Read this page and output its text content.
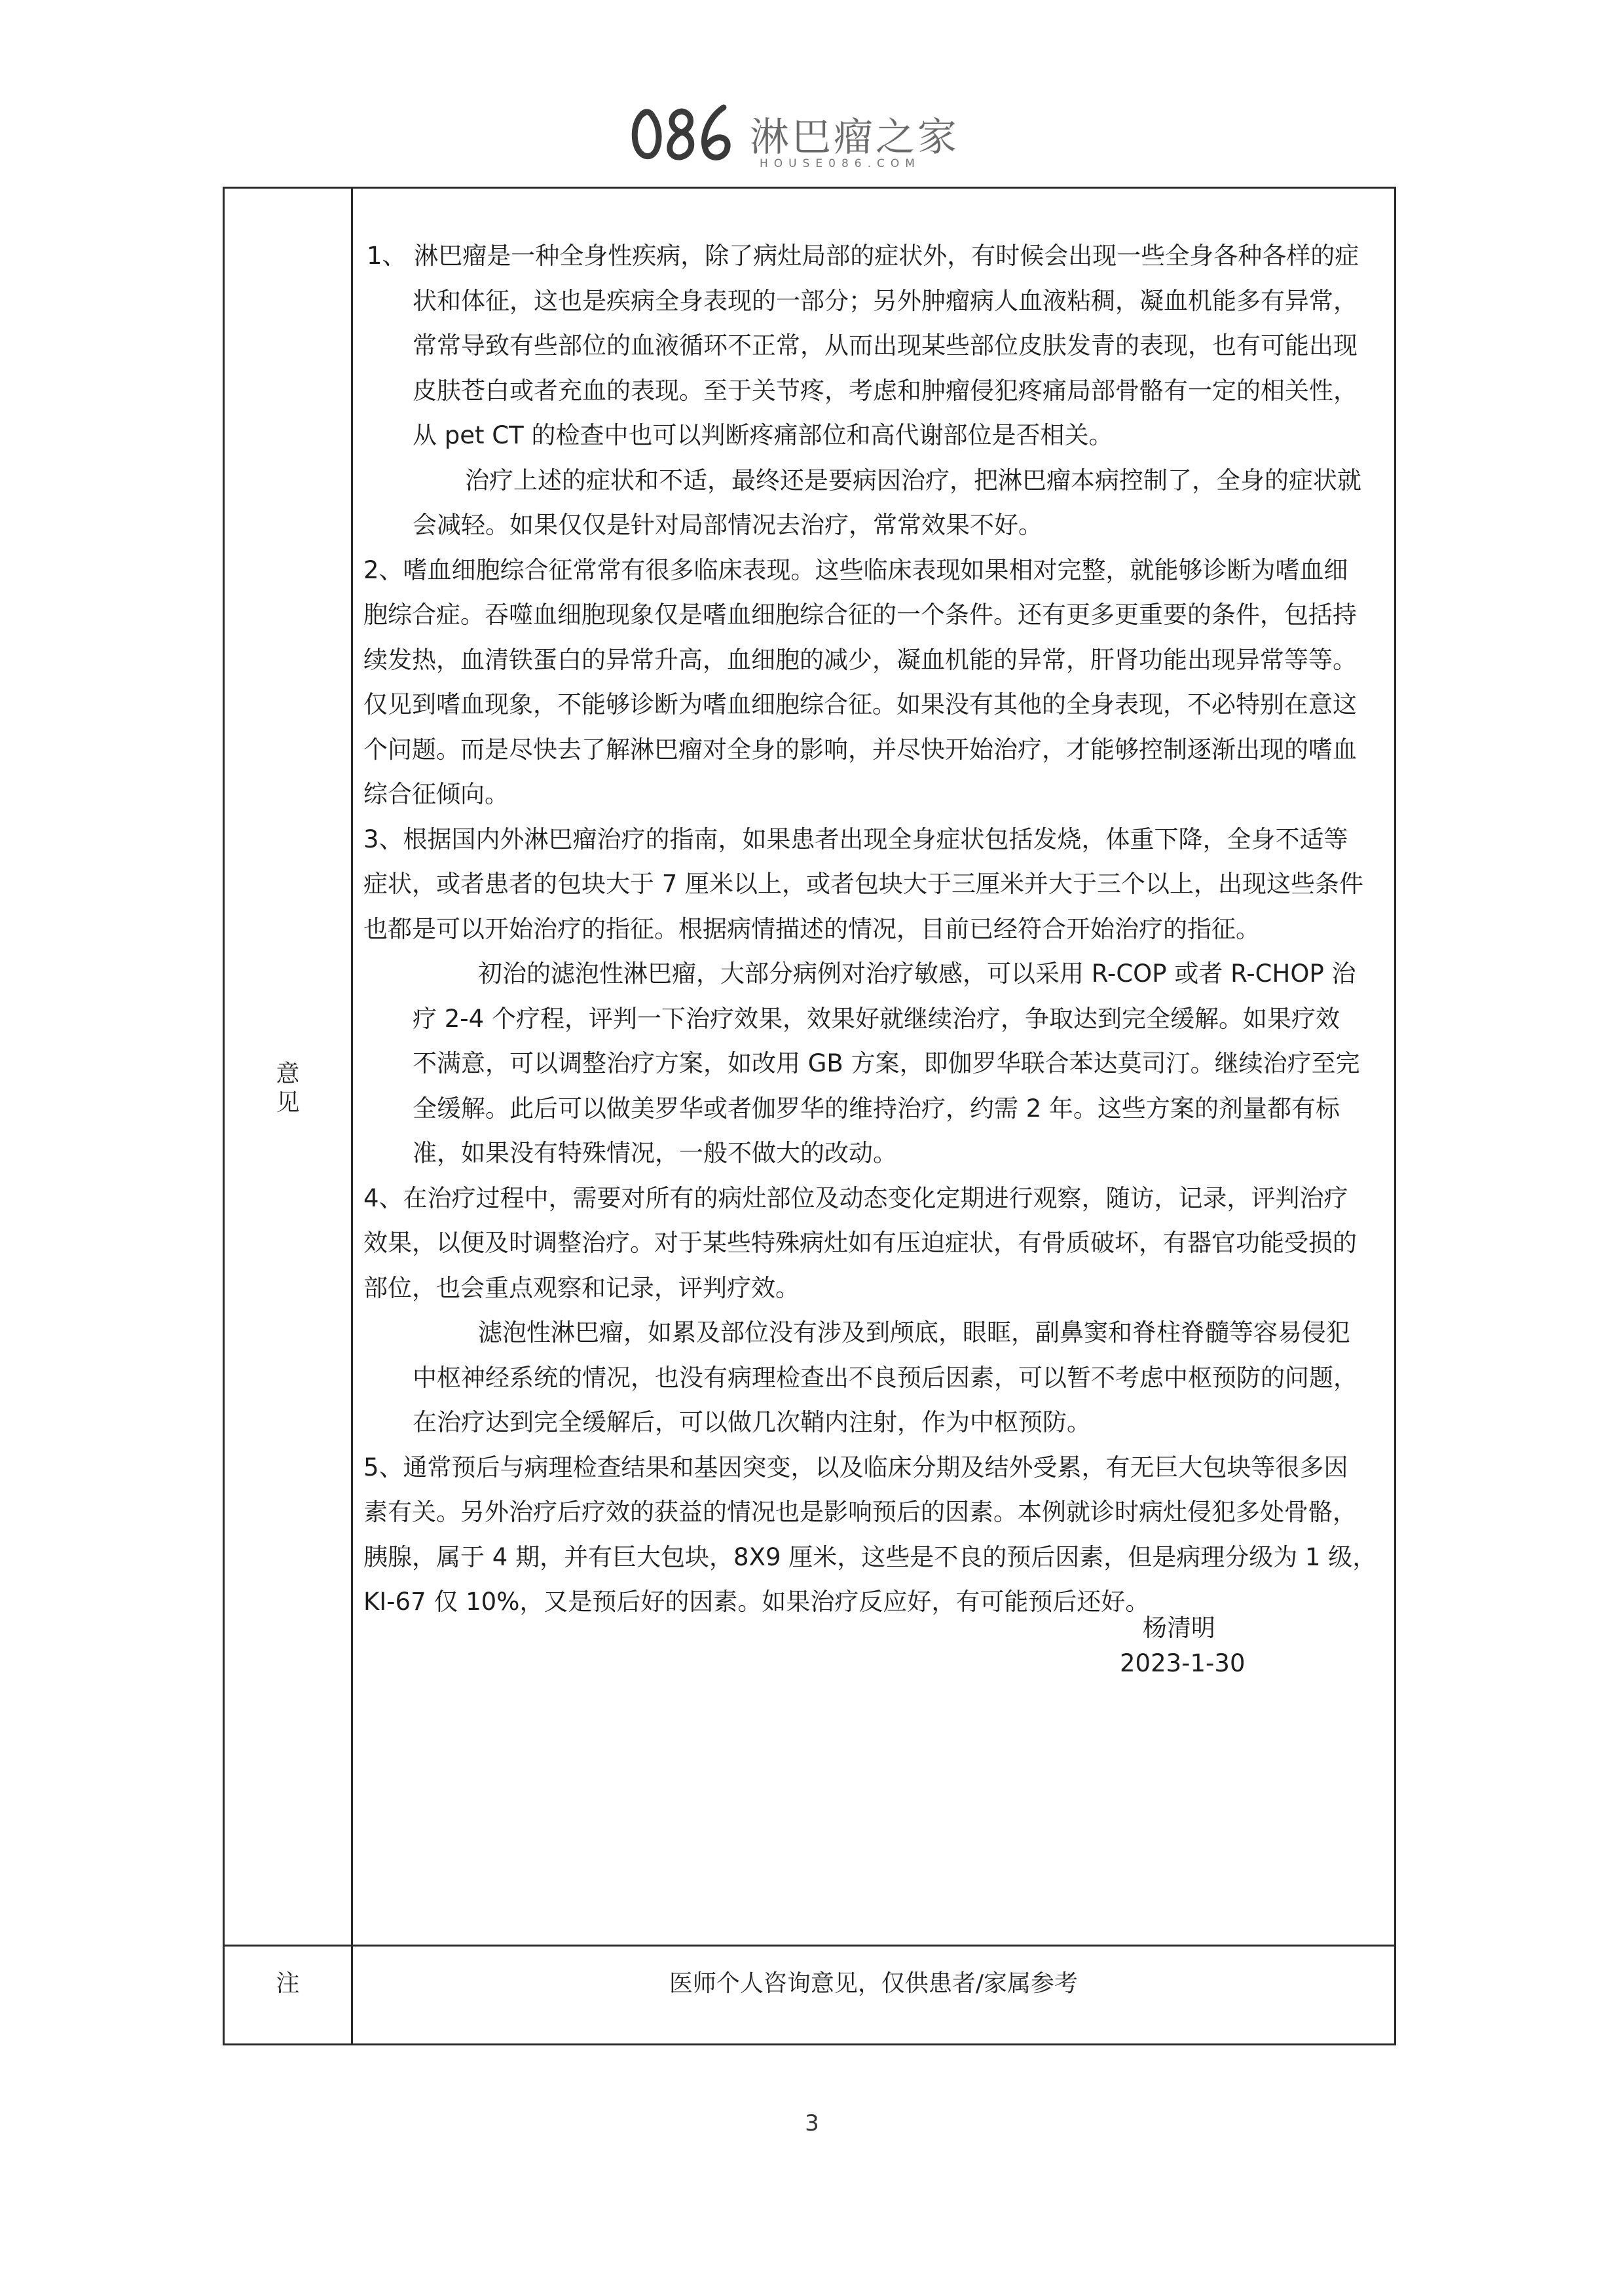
淋巴瘤之家
HOUSE086.COM
意见
注	医师个人咨询意见，仅供患者/家属参考

1、 淋巴瘤是一种全身性疾病，除了病灶局部的症状外，有时候会出现一些全身各种各样的症

状和体征，这也是疾病全身表现的一部分；另外肿瘤病人血液粘稠，凝血机能多有异常，

常常导致有些部位的血液循环不正常，从而出现某些部位皮肤发青的表现，也有可能出现

皮肤苍白或者充血的表现。至于关节疼，考虑和肿瘤侵犯疼痛局部骨骼有一定的相关性，

从 pet CT 的检查中也可以判断疼痛部位和高代谢部位是否相关。

治疗上述的症状和不适，最终还是要病因治疗，把淋巴瘤本病控制了，全身的症状就

会减轻。如果仅仅是针对局部情况去治疗，常常效果不好。

2、嗜血细胞综合征常常有很多临床表现。这些临床表现如果相对完整，就能够诊断为嗜血细

胞综合症。吞噬血细胞现象仅是嗜血细胞综合征的一个条件。还有更多更重要的条件，包括持

续发热，血清铁蛋白的异常升高，血细胞的减少，凝血机能的异常，肝肾功能出现异常等等。

仅见到嗜血现象，不能够诊断为嗜血细胞综合征。如果没有其他的全身表现，不必特别在意这

个问题。而是尽快去了解淋巴瘤对全身的影响，并尽快开始治疗，才能够控制逐渐出现的嗜血

综合征倾向。

3、根据国内外淋巴瘤治疗的指南，如果患者出现全身症状包括发烧，体重下降，全身不适等

症状，或者患者的包块大于 7 厘米以上，或者包块大于三厘米并大于三个以上，出现这些条件

也都是可以开始治疗的指征。根据病情描述的情况，目前已经符合开始治疗的指征。

初治的滤泡性淋巴瘤，大部分病例对治疗敏感，可以采用 R-COP 或者 R-CHOP 治

疗 2-4 个疗程，评判一下治疗效果，效果好就继续治疗，争取达到完全缓解。如果疗效

不满意，可以调整治疗方案，如改用 GB 方案，即伽罗华联合苯达莫司汀。继续治疗至完

全缓解。此后可以做美罗华或者伽罗华的维持治疗，约需 2 年。这些方案的剂量都有标

准，如果没有特殊情况，一般不做大的改动。

4、在治疗过程中，需要对所有的病灶部位及动态变化定期进行观察，随访，记录，评判治疗

效果，以便及时调整治疗。对于某些特殊病灶如有压迫症状，有骨质破坏，有器官功能受损的

部位，也会重点观察和记录，评判疗效。

滤泡性淋巴瘤，如累及部位没有涉及到颅底，眼眶，副鼻窦和脊柱脊髓等容易侵犯

中枢神经系统的情况，也没有病理检查出不良预后因素，可以暂不考虑中枢预防的问题，

在治疗达到完全缓解后，可以做几次鞘内注射，作为中枢预防。

5、通常预后与病理检查结果和基因突变，以及临床分期及结外受累，有无巨大包块等很多因

素有关。另外治疗后疗效的获益的情况也是影响预后的因素。本例就诊时病灶侵犯多处骨骼，

胰腺，属于 4 期，并有巨大包块，8X9 厘米，这些是不良的预后因素，但是病理分级为 1 级，

KI-67 仅 10%，又是预后好的因素。如果治疗反应好，有可能预后还好。

杨清明
2023-1-30
3
